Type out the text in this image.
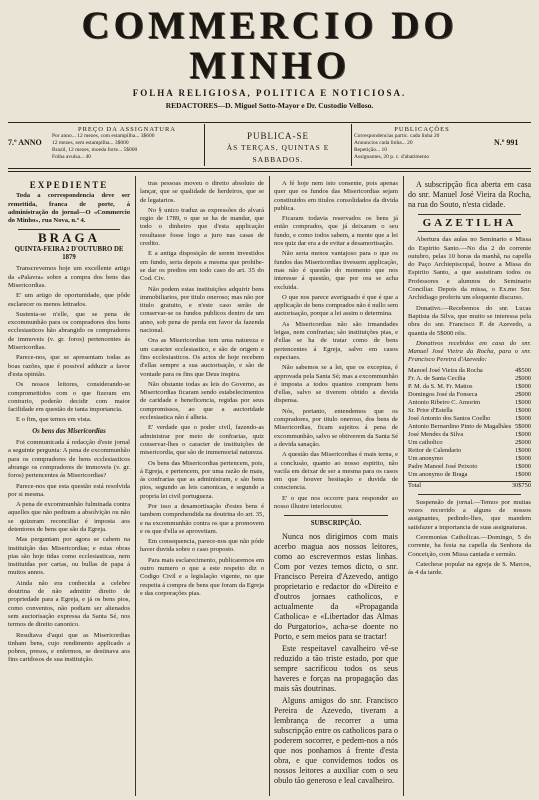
COMMERCIO DO MINHO
FOLHA RELIGIOSA, POLITICA E NOTICIOSA.
REDACTORES—D. Miguel Sotto-Mayor e Dr. Custodio Velloso.
7.º ANNO
PREÇO DA ASSIGNATURA
Por anno... 12 mezes, com estampilha... 3$600
12 mezes, sem estampilha... 3$000
Brazil, 12 mezes, moeda forte... 5$000
Folha avulsa... 40
PUBLICA-SE
ÀS TERÇAS, QUINTAS E SABBADOS.
PUBLICAÇÕES
Correspondencias partic. cada linha 20
Annuncios cada linha... 20
Repetição... 10
Assignantes, 20 p. c. d'abatimento
N.º 991
EXPEDIENTE

Toda a correspondencia deve ser remettida, franca de porte, á administração do jornal—O «Commercio do Minho», rua Nova, n.º 4.

BRAGA
QUINTA-FEIRA 2 D'OUTUBRO DE 1879

Transcrevemos hoje um excellente artigo da «Palavra» sobre a compra dos bens das Misericordias.

E' um artigo de oportunidade, que pôde esclarecer os menos lettrados.

Sustenta-se n'elle, que se pena de excommunhão para os compradores dos bens ecclesiasticos hão abrangido os compradores de immoveis (v. gr. foros) pertencentes ás Misericordias.

Parece-nos, que se apresentam todas as boas razões, que é possivel adduzir a favor d'esta opinião.

Os nossos leitores, considerando-se compromettidos com o que fizeram em contrario, poderão decidir com maior facilidade em questão de tanta importancia.

E o fim, que temos em vista.

Os bens das Misericordias

Foi communicada á redacção d'este jornal a seguinte pergunta: A pena de excommunhão para os compradores de bens ecclesiasticos abrange os compradores de immoveis (v. gr. foros) pertencentes ás Misericordias?

Parece-nos que esta questão está resolvida por si mesma.

A pena de excommunhão fulminada contra aquelles que não pediram a absolvição ou não se quizeram reconciliar é imposta aos detentores de bens que são da Egreja.

Mas perguntam por agora se cabem na instituição das Misericordias; e estas obras pias são hoje tidas como ecclesiasticas, nem instituidas por cartas, ou bullas de papa á muitos annos.

Ainda não era conhecida a celebre doutrina de não admittir direito de propriedade para a Egreja, e já os bens pios, como conventos, não podiam ser alienados sem auctorisação expressa da Santa Sé, nos termos de direito canonico.

Resultava d'aqui que as Misericordias tinham bens, cujo rendimento applicado a pobres, presos, e enfermos, se destinava aos fins caridosos de sua instituição.

tras pessoas moveu o direito absoluto de lançar, que se qualidade de herdeiros, que se de legatarios.

No § unico traduz as expressões do alvará regio de 1789, o que se ha de mandar, que todo o dinheiro que d'esta applicação resultasse fosse logo a juro nas casas de credito.

E a antiga disposição de serem investidos em fundo, seria depois a mesma que prohibe-se dar os predios em todo caso do art. 35 do Cod. Civ.

Não podem estas instituições adquirir bens immobiliarios, por titulo oneroso; mas não por titulo gratuito, e n'este caso serão de conservar-se os fundos publicos dentro de um anno, sob pena de perda em favor da fazenda nacional.

Ora as Misericordias tem uma natureza e um caracter ecclesiastico, e são de origem e fins ecclesiasticos. Os actos de hoje recebem d'ellas sempre a sua auctorisação, e são de vontade para os fins que Deus inspira.

Não obstante todas as leis do Governo, as Misericordias ficaram sendo estabelecimentos de caridade e beneficencia, regidas por seus compromissos, ao que a auctoridade ecclesiastica não é alheia.

E' verdade que o poder civil, fazendo-as administrar por meio de confrarias, quiz conservar-lhes o caracter de instituições de misericordia, que são de immemorial natureza.

Os bens das Misericordias pertencem, pois, á Egreja, e pertencem, por uma razão de mais, ás confrarias que as administram, e são bens pios, segundo as leis canonicas, e segundo a propria lei civil portugueza.

Por isso a desamortisação d'estes bens é tambem comprehendida na doutrina do art. 35, e na excommunhão contra os que a promovem e os que d'ella se aproveitam.

Em consequencia, parece-nos que não póde haver duvida sobre o caso proposto.

Para mais esclarecimento, publicaremos em outro numero o que a este respeito diz o Codigo Civil e a legislação vigente, no que respeita á compra de bens que foram da Egreja e das corporações pias.

A fé hoje nem isto consente, pois apenas quer que os fundos das Misericordias sejam constituidos em titulos consolidados da divida publica.

Ficaram todavia reservados os bens já então comprados, que já deixaram o seu fundo, e como todos sabem, a mente que a lei nos quiz dar era a de evitar a desamortisação.

Não seria menos vantajoso para o que os fundos das Misericordias tivessem applicação, mas não é questão do momento que nos interesse á questão, que por ora se acha excluida.

O que nos parece averiguado é que é que a applicação de bens comprados não é nullo sem auctorisação, porque a lei assim o determina.

As Misericordias não são irmandades leigas, nem confrarias; são instituições pias, e d'ellas se ha de tratar como de bens pertencentes á Egreja, salvo em casos especiaes.

Não sabemos se a lei, que os exceptua, é approvada pela Santa Sé; mas a excommunhão é imposta a todos quantos compram bens d'ellas, salvo se tiverem obtido a devida dispensa.

Nós, portanto, entendemos que os compradores, por titulo oneroso, dos bens de Misericordias, ficam sujeitos á pena de excommunhão, salvo se obtiverem da Santa Sé a devida sanação.

A questão das Misericordias é mais terna, e a conclusão, quanto ao nosso espirito, não vacila em deixar de ser a mesma para os casos em que houver hesitação e duvida de consciencia.

E' o que nos occorre para responder ao nosso illustre interlocutor.

SUBSCRIPÇÃO.

Nunca nos dirigimos com mais acerbo magua aos nossos leitores, como ao escrevermos estas linhas. Com por vezes temos dicto, o snr. Francisco Pereira d'Azevedo, antigo proprietario e redactor do «Direito e d'outros jornaes catholicos, e actualmente da «Propaganda Catholica» e «Libertador das Almas do Purgatorio», acha-se doente no Porto, e sem meios para se tractar!

Este respeitavel cavalheiro vê-se reduzido a tão triste estado, por que sempre sacrificou todos os seus haveres e forças na propagação das mais sãs doutrinas.

Alguns amigos do snr. Francisco Pereira de Azevedo, tiveram a lembrança de recorrer a uma subscripção entre os catholicos para o poderem socorrer, e pedem-nos a nós que nos ponhamos á frente d'esta obra, e que convidemos todos os nossos leitores a auxiliar com o seu obulo tão generoso e leal cavalheiro.

A subscripção fica aberta em casa do snr. Manuel José Vieira da Rocha, na rua do Souto, n'esta cidade.

GAZETILHA

Abertura das aulas no Seminario e Missa do Espirito Santo.—No dia 2 do corrente outubro, pelas 10 horas da manhã, na capella do Paço Archiepiscopal, houve a Missa do Espirito Santo, a que assistiram todos os Professores e alumnos do Seminario Conciliar. Depois da missa, o Ex.mo Snr. Archidiago proferiu um eloquente discurso.

Donativo.—Recebemos do snr. Lucas Baptista da Silva, que muito se interessa pela obra do snr. Francisco P. de Azevedo, a quantia de 5$000 réis.

Donativos recebidos em casa do snr. Manuel José Vieira da Rocha, para o snr. Francisco Pereira d'Azevedo:

Manoel José Vieira da Rocha	4$500
Fr. A. de Santa Cecilia	2$000
P. M. da S. M. Fr. Mattos	1$000
Domingos José da Fonseca	2$000
Antonio Ribeiro C. Amorim	1$000
Sr. Prior d'Estella	1$000
José Antonio dos Santos Coelho	1$000
Antonio Bernardino Pinto de Magalhães 5$000
José Mendes da Silva	1$000
Um catholico	2$000
Reitor de Calendario	1$000
Um anonymo	1$000
Padre Manoel José Peixoto	1$000
Um anonymo de Braga	1$000
Total	30$750

Suspensão de jornal.—Temos por muitas vezes recorrido a alguns de nossos assignantes, pedindo-lhes, que mandem satisfazer a importancia de suas assignaturas.

Ceremonias Catholicas.—Domingo, 5 do corrente, ha festa na capella da Senhora da Conceição, com Missa cantada e sermão.

Catechese popular na egreja de S. Marcos, ás 4 da tarde.
